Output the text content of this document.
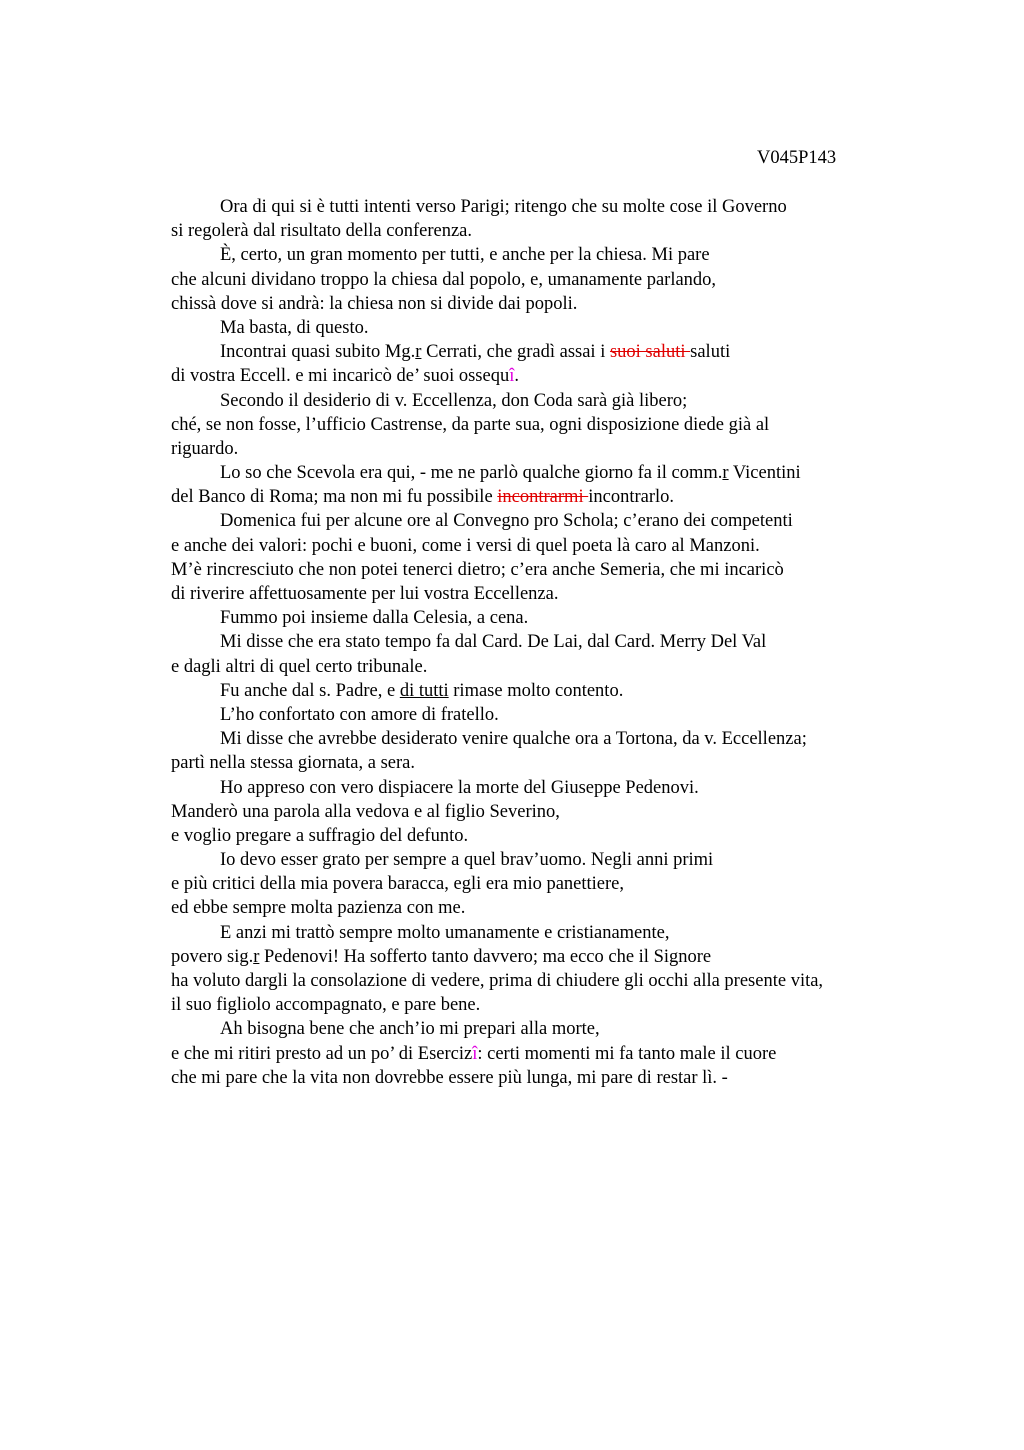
V045P143
Ora di qui si è tutti intenti verso Parigi; ritengo che su molte cose il Governo
si regolerà dal risultato della conferenza.
È, certo, un gran momento per tutti, e anche per la chiesa. Mi pare
che alcuni dividano troppo la chiesa dal popolo, e, umanamente parlando,
chissà dove si andrà: la chiesa non si divide dai popoli.
Ma basta, di questo.
Incontrai quasi subito Mg.r Cerrati, che gradì assai i suoi saluti saluti
di vostra Eccell. e mi incaricò de’ suoi ossequî.
Secondo il desiderio di v. Eccellenza, don Coda sarà già libero;
ché, se non fosse, l’ufficio Castrense, da parte sua, ogni disposizione diede già al
riguardo.
Lo so che Scevola era qui, - me ne parlò qualche giorno fa il comm.r Vicentini
del Banco di Roma; ma non mi fu possibile incontrarmi incontrarlo.
Domenica fui per alcune ore al Convegno pro Schola; c’erano dei competenti
e anche dei valori: pochi e buoni, come i versi di quel poeta là caro al Manzoni.
M’è rincresciuto che non potei tenerci dietro; c’era anche Semeria, che mi incaricò
di riverire affettuosamente per lui vostra Eccellenza.
Fummo poi insieme dalla Celesia, a cena.
Mi disse che era stato tempo fa dal Card. De Lai, dal Card. Merry Del Val
e dagli altri di quel certo tribunale.
Fu anche dal s. Padre, e di tutti rimase molto contento.
L’ho confortato con amore di fratello.
Mi disse che avrebbe desiderato venire qualche ora a Tortona, da v. Eccellenza;
partì nella stessa giornata, a sera.
Ho appreso con vero dispiacere la morte del Giuseppe Pedenovi.
Manderò una parola alla vedova e al figlio Severino,
e voglio pregare a suffragio del defunto.
Io devo esser grato per sempre a quel brav’uomo. Negli anni primi
e più critici della mia povera baracca, egli era mio panettiere,
ed ebbe sempre molta pazienza con me.
E anzi mi trattò sempre molto umanamente e cristianamente,
povero sig.r Pedenovi! Ha sofferto tanto davvero; ma ecco che il Signore
ha voluto dargli la consolazione di vedere, prima di chiudere gli occhi alla presente vita,
il suo figliolo accompagnato, e pare bene.
Ah bisogna bene che anch’io mi prepari alla morte,
e che mi ritiri presto ad un po’ di Esercizî: certi momenti mi fa tanto male il cuore
che mi pare che la vita non dovrebbe essere più lunga, mi pare di restar lì. -
